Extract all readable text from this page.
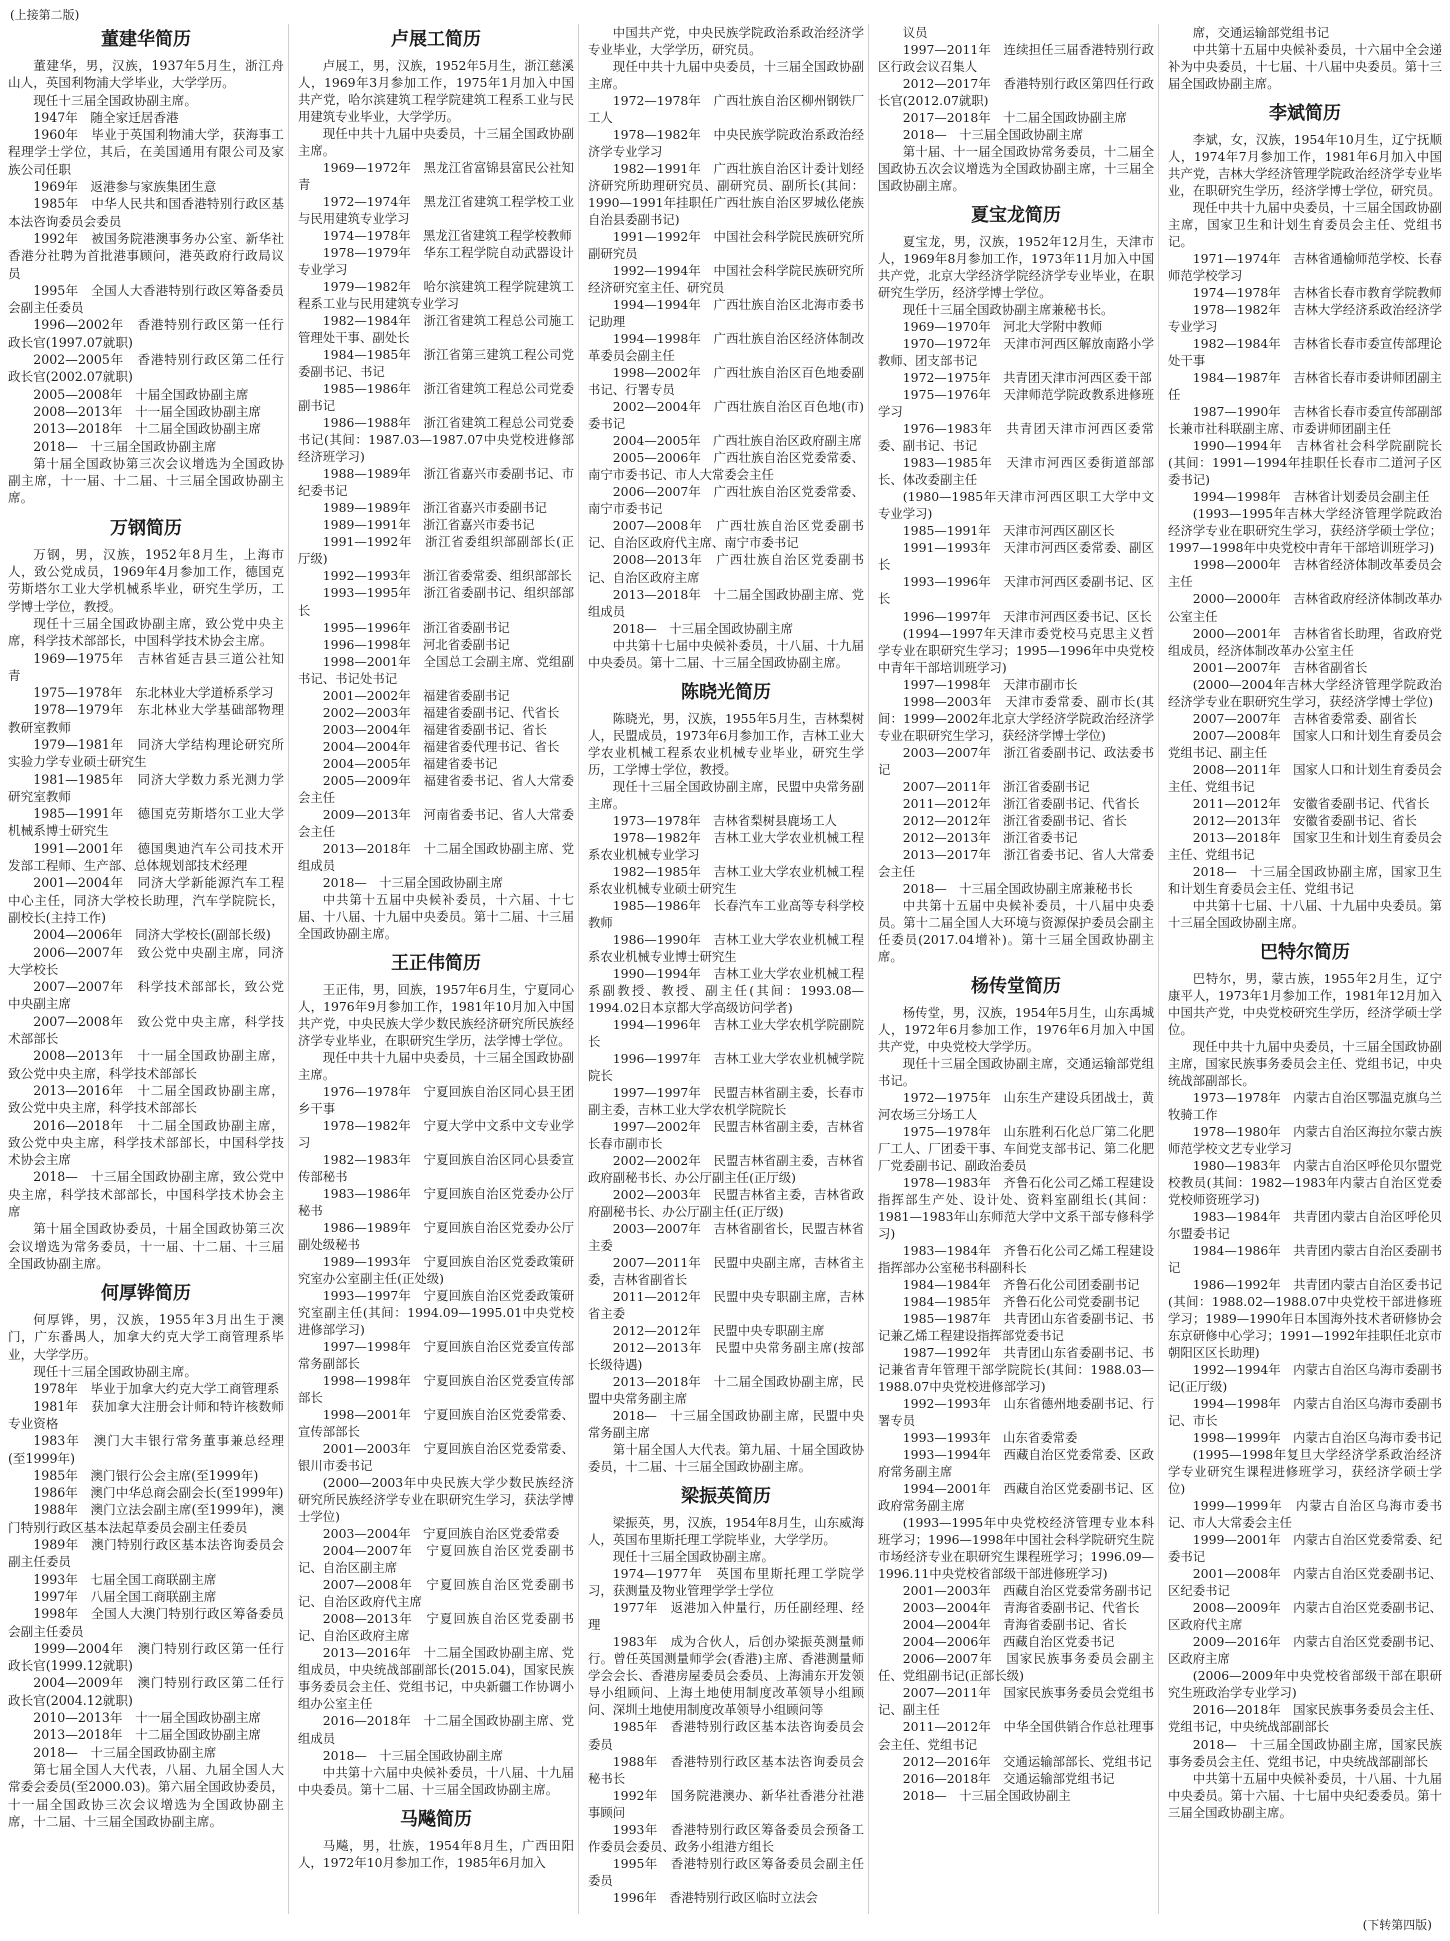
(上接第二版)
董建华简历

董建华，男，汉族，1937年5月生，浙江舟山人，英国利物浦大学毕业，大学学历。

现任十三届全国政协副主席。

1947年　随全家迁居香港

1960年　毕业于英国利物浦大学，获海事工程理学士学位，其后，在美国通用有限公司及家族公司任职

1969年　返港参与家族集团生意

1985年　中华人民共和国香港特别行政区基本法咨询委员会委员

1992年　被国务院港澳事务办公室、新华社香港分社聘为首批港事顾问，港英政府行政局议员

1995年　全国人大香港特别行政区筹备委员会副主任委员

1996—2002年　香港特别行政区第一任行政长官(1997.07就职)

2002—2005年　香港特别行政区第二任行政长官(2002.07就职)

2005—2008年　十届全国政协副主席

2008—2013年　十一届全国政协副主席

2013—2018年　十二届全国政协副主席

2018—　十三届全国政协副主席

第十届全国政协第三次会议增选为全国政协副主席，十一届、十二届、十三届全国政协副主席。

万钢简历

万钢，男，汉族，1952年8月生，上海市人，致公党成员，1969年4月参加工作，德国克劳斯塔尔工业大学机械系毕业，研究生学历，工学博士学位，教授。

现任十三届全国政协副主席，致公党中央主席，科学技术部部长，中国科学技术协会主席。

1969—1975年　吉林省延吉县三道公社知青

1975—1978年　东北林业大学道桥系学习

1978—1979年　东北林业大学基础部物理教研室教师

1979—1981年　同济大学结构理论研究所实验力学专业硕士研究生

1981—1985年　同济大学数力系光测力学研究室教师

1985—1991年　德国克劳斯塔尔工业大学机械系博士研究生

1991—2001年　德国奥迪汽车公司技术开发部工程师、生产部、总体规划部技术经理

2001—2004年　同济大学新能源汽车工程中心主任，同济大学校长助理，汽车学院院长，副校长(主持工作)

2004—2006年　同济大学校长(副部长级)

2006—2007年　致公党中央副主席，同济大学校长

2007—2007年　科学技术部部长，致公党中央副主席

2007—2008年　致公党中央主席，科学技术部部长

2008—2013年　十一届全国政协副主席，致公党中央主席，科学技术部部长

2013—2016年　十二届全国政协副主席，致公党中央主席，科学技术部部长

2016—2018年　十二届全国政协副主席，致公党中央主席，科学技术部部长，中国科学技术协会主席

2018—　十三届全国政协副主席，致公党中央主席，科学技术部部长，中国科学技术协会主席

第十届全国政协委员，十届全国政协第三次会议增选为常务委员，十一届、十二届、十三届全国政协副主席。

何厚铧简历

何厚铧，男，汉族，1955年3月出生于澳门，广东番禺人，加拿大约克大学工商管理系毕业，大学学历。

现任十三届全国政协副主席。

1978年　毕业于加拿大约克大学工商管理系

1981年　获加拿大注册会计师和特许核数师专业资格

1983年　澳门大丰银行常务董事兼总经理(至1999年)

1985年　澳门银行公会主席(至1999年)

1986年　澳门中华总商会副会长(至1999年)

1988年　澳门立法会副主席(至1999年)，澳门特别行政区基本法起草委员会副主任委员

1989年　澳门特别行政区基本法咨询委员会副主任委员

1993年　七届全国工商联副主席

1997年　八届全国工商联副主席

1998年　全国人大澳门特别行政区筹备委员会副主任委员

1999—2004年　澳门特别行政区第一任行政长官(1999.12就职)

2004—2009年　澳门特别行政区第二任行政长官(2004.12就职)

2010—2013年　十一届全国政协副主席

2013—2018年　十二届全国政协副主席

2018—　十三届全国政协副主席

第七届全国人大代表，八届、九届全国人大常委会委员(至2000.03)。第六届全国政协委员，十一届全国政协三次会议增选为全国政协副主席，十二届、十三届全国政协副主席。

卢展工简历

卢展工，男，汉族，1952年5月生，浙江慈溪人，1969年3月参加工作，1975年1月加入中国共产党，哈尔滨建筑工程学院建筑工程系工业与民用建筑专业毕业，大学学历。

现任中共十九届中央委员，十三届全国政协副主席。

1969—1972年　黑龙江省富锦县富民公社知青

1972—1974年　黑龙江省建筑工程学校工业与民用建筑专业学习

1974—1978年　黑龙江省建筑工程学校教师

1978—1979年　华东工程学院自动武器设计专业学习

1979—1982年　哈尔滨建筑工程学院建筑工程系工业与民用建筑专业学习

1982—1984年　浙江省建筑工程总公司施工管理处干事、副处长

1984—1985年　浙江省第三建筑工程公司党委副书记、书记

1985—1986年　浙江省建筑工程总公司党委副书记

1986—1988年　浙江省建筑工程总公司党委书记(其间：1987.03—1987.07中央党校进修部经济班学习)

1988—1989年　浙江省嘉兴市委副书记、市纪委书记

1989—1989年　浙江省嘉兴市委副书记

1989—1991年　浙江省嘉兴市委书记

1991—1992年　浙江省委组织部副部长(正厅级)

1992—1993年　浙江省委常委、组织部部长

1993—1995年　浙江省委副书记、组织部部长

1995—1996年　浙江省委副书记

1996—1998年　河北省委副书记

1998—2001年　全国总工会副主席、党组副书记、书记处书记

2001—2002年　福建省委副书记

2002—2003年　福建省委副书记、代省长

2003—2004年　福建省委副书记、省长

2004—2004年　福建省委代理书记、省长

2004—2005年　福建省委书记

2005—2009年　福建省委书记、省人大常委会主任

2009—2013年　河南省委书记、省人大常委会主任

2013—2018年　十二届全国政协副主席、党组成员

2018—　十三届全国政协副主席

中共第十五届中央候补委员，十六届、十七届、十八届、十九届中央委员。第十二届、十三届全国政协副主席。

王正伟简历

王正伟，男，回族，1957年6月生，宁夏同心人，1976年9月参加工作，1981年10月加入中国共产党，中央民族大学少数民族经济研究所民族经济学专业毕业，在职研究生学历，法学博士学位。

现任中共十九届中央委员，十三届全国政协副主席。

1976—1978年　宁夏回族自治区同心县王团乡干事

1978—1982年　宁夏大学中文系中文专业学习

1982—1983年　宁夏回族自治区同心县委宣传部秘书

1983—1986年　宁夏回族自治区党委办公厅秘书

1986—1989年　宁夏回族自治区党委办公厅副处级秘书

1989—1993年　宁夏回族自治区党委政策研究室办公室副主任(正处级)

1993—1997年　宁夏回族自治区党委政策研究室副主任(其间：1994.09—1995.01中央党校进修部学习)

1997—1998年　宁夏回族自治区党委宣传部常务副部长

1998—1998年　宁夏回族自治区党委宣传部部长

1998—2001年　宁夏回族自治区党委常委、宣传部部长

2001—2003年　宁夏回族自治区党委常委、银川市委书记

(2000—2003年中央民族大学少数民族经济研究所民族经济学专业在职研究生学习，获法学博士学位)

2003—2004年　宁夏回族自治区党委常委

2004—2007年　宁夏回族自治区党委副书记、自治区副主席

2007—2008年　宁夏回族自治区党委副书记、自治区政府代主席

2008—2013年　宁夏回族自治区党委副书记、自治区政府主席

2013—2016年　十二届全国政协副主席、党组成员，中央统战部副部长(2015.04)，国家民族事务委员会主任、党组书记，中央新疆工作协调小组办公室主任

2016—2018年　十二届全国政协副主席、党组成员

2018—　十三届全国政协副主席

中共第十六届中央候补委员，十八届、十九届中央委员。第十二届、十三届全国政协副主席。

马飚简历

马飚，男，壮族，1954年8月生，广西田阳人，1972年10月参加工作，1985年6月加入

中国共产党，中央民族学院政治系政治经济学专业毕业，大学学历，研究员。

现任中共十九届中央委员，十三届全国政协副主席。

1972—1978年　广西壮族自治区柳州钢铁厂工人

1978—1982年　中央民族学院政治系政治经济学专业学习

1982—1991年　广西壮族自治区计委计划经济研究所助理研究员、副研究员、副所长(其间：1990—1991年挂职任广西壮族自治区罗城仫佬族自治县委副书记)

1991—1992年　中国社会科学院民族研究所副研究员

1992—1994年　中国社会科学院民族研究所经济研究室主任、研究员

1994—1994年　广西壮族自治区北海市委书记助理

1994—1998年　广西壮族自治区经济体制改革委员会副主任

1998—2002年　广西壮族自治区百色地委副书记、行署专员

2002—2004年　广西壮族自治区百色地(市)委书记

2004—2005年　广西壮族自治区政府副主席

2005—2006年　广西壮族自治区党委常委、南宁市委书记、市人大常委会主任

2006—2007年　广西壮族自治区党委常委、南宁市委书记

2007—2008年　广西壮族自治区党委副书记、自治区政府代主席、南宁市委书记

2008—2013年　广西壮族自治区党委副书记、自治区政府主席

2013—2018年　十二届全国政协副主席、党组成员

2018—　十三届全国政协副主席

中共第十七届中央候补委员，十八届、十九届中央委员。第十二届、十三届全国政协副主席。

陈晓光简历

陈晓光，男，汉族，1955年5月生，吉林梨树人，民盟成员，1973年6月参加工作，吉林工业大学农业机械工程系农业机械专业毕业，研究生学历，工学博士学位，教授。

现任十三届全国政协副主席，民盟中央常务副主席。

1973—1978年　吉林省梨树县鹿场工人

1978—1982年　吉林工业大学农业机械工程系农业机械专业学习

1982—1985年　吉林工业大学农业机械工程系农业机械专业硕士研究生

1985—1986年　长春汽车工业高等专科学校教师

1986—1990年　吉林工业大学农业机械工程系农业机械专业博士研究生

1990—1994年　吉林工业大学农业机械工程系副教授、教授、副主任(其间：1993.08—1994.02日本京都大学高级访问学者)

1994—1996年　吉林工业大学农机学院副院长

1996—1997年　吉林工业大学农业机械学院院长

1997—1997年　民盟吉林省副主委，长春市副主委，吉林工业大学农机学院院长

1997—2002年　民盟吉林省副主委，吉林省长春市副市长

2002—2002年　民盟吉林省副主委，吉林省政府副秘书长、办公厅副主任(正厅级)

2002—2003年　民盟吉林省主委，吉林省政府副秘书长、办公厅副主任(正厅级)

2003—2007年　吉林省副省长，民盟吉林省主委

2007—2011年　民盟中央副主席，吉林省主委，吉林省副省长

2011—2012年　民盟中央专职副主席，吉林省主委

2012—2012年　民盟中央专职副主席

2012—2013年　民盟中央常务副主席(按部长级待遇)

2013—2018年　十二届全国政协副主席，民盟中央常务副主席

2018—　十三届全国政协副主席，民盟中央常务副主席

第十届全国人大代表。第九届、十届全国政协委员，十二届、十三届全国政协副主席。

梁振英简历

梁振英，男，汉族，1954年8月生，山东威海人，英国布里斯托理工学院毕业，大学学历。

现任十三届全国政协副主席。

1974—1977年　英国布里斯托理工学院学习，获测量及物业管理学学士学位

1977年　返港加入仲量行，历任副经理、经理

1983年　成为合伙人，后创办梁振英测量师行。曾任英国测量师学会(香港)主席、香港测量师学会会长、香港房屋委员会委员、上海浦东开发领导小组顾问、上海土地使用制度改革领导小组顾问、深圳土地使用制度改革领导小组顾问等

1985年　香港特别行政区基本法咨询委员会委员

1988年　香港特别行政区基本法咨询委员会秘书长

1992年　国务院港澳办、新华社香港分社港事顾问

1993年　香港特别行政区筹备委员会预备工作委员会委员、政务小组港方组长

1995年　香港特别行政区筹备委员会副主任委员

1996年　香港特别行政区临时立法会

议员

1997—2011年　连续担任三届香港特别行政区行政会议召集人

2012—2017年　香港特别行政区第四任行政长官(2012.07就职)

2017—2018年　十二届全国政协副主席

2018—　十三届全国政协副主席

第十届、十一届全国政协常务委员，十二届全国政协五次会议增选为全国政协副主席，十三届全国政协副主席。

夏宝龙简历

夏宝龙，男，汉族，1952年12月生，天津市人，1969年8月参加工作，1973年11月加入中国共产党，北京大学经济学院经济学专业毕业，在职研究生学历，经济学博士学位。

现任十三届全国政协副主席兼秘书长。

1969—1970年　河北大学附中教师

1970—1972年　天津市河西区解放南路小学教师、团支部书记

1972—1975年　共青团天津市河西区委干部

1975—1976年　天津师范学院政教系进修班学习

1976—1983年　共青团天津市河西区委常委、副书记、书记

1983—1985年　天津市河西区委街道部部长、体改委副主任

(1980—1985年天津市河西区职工大学中文专业学习)

1985—1991年　天津市河西区副区长

1991—1993年　天津市河西区委常委、副区长

1993—1996年　天津市河西区委副书记、区长

1996—1997年　天津市河西区委书记、区长

(1994—1997年天津市委党校马克思主义哲学专业在职研究生学习；1995—1996年中央党校中青年干部培训班学习)

1997—1998年　天津市副市长

1998—2003年　天津市委常委、副市长(其间：1999—2002年北京大学经济学院政治经济学专业在职研究生学习，获经济学博士学位)

2003—2007年　浙江省委副书记、政法委书记

2007—2011年　浙江省委副书记

2011—2012年　浙江省委副书记、代省长

2012—2012年　浙江省委副书记、省长

2012—2013年　浙江省委书记

2013—2017年　浙江省委书记、省人大常委会主任

2018—　十三届全国政协副主席兼秘书长

中共第十五届中央候补委员，十八届中央委员。第十二届全国人大环境与资源保护委员会副主任委员(2017.04增补)。第十三届全国政协副主席。

杨传堂简历

杨传堂，男，汉族，1954年5月生，山东禹城人，1972年6月参加工作，1976年6月加入中国共产党，中央党校大学学历。

现任十三届全国政协副主席，交通运输部党组书记。

1972—1975年　山东生产建设兵团战士，黄河农场三分场工人

1975—1978年　山东胜利石化总厂第二化肥厂工人、厂团委干事、车间党支部书记、第二化肥厂党委副书记、副政治委员

1978—1983年　齐鲁石化公司乙烯工程建设指挥部生产处、设计处、资料室副组长(其间：1981—1983年山东师范大学中文系干部专修科学习)

1983—1984年　齐鲁石化公司乙烯工程建设指挥部办公室秘书科副科长

1984—1984年　齐鲁石化公司团委副书记

1984—1985年　齐鲁石化公司党委副书记

1985—1987年　共青团山东省委副书记、书记兼乙烯工程建设指挥部党委书记

1987—1992年　共青团山东省委副书记、书记兼省青年管理干部学院院长(其间：1988.03—1988.07中央党校进修部学习)

1992—1993年　山东省德州地委副书记、行署专员

1993—1993年　山东省委常委

1993—1994年　西藏自治区党委常委、区政府常务副主席

1994—2001年　西藏自治区党委副书记、区政府常务副主席

(1993—1995年中央党校经济管理专业本科班学习；1996—1998年中国社会科学院研究生院市场经济专业在职研究生课程班学习；1996.09—1996.11中央党校省部级干部进修班学习)

2001—2003年　西藏自治区党委常务副书记

2003—2004年　青海省委副书记、代省长

2004—2004年　青海省委副书记、省长

2004—2006年　西藏自治区党委书记

2006—2007年　国家民族事务委员会副主任、党组副书记(正部长级)

2007—2011年　国家民族事务委员会党组书记、副主任

2011—2012年　中华全国供销合作总社理事会主任、党组书记

2012—2016年　交通运输部部长、党组书记

2016—2018年　交通运输部党组书记

2018—　十三届全国政协副主

席，交通运输部党组书记

中共第十五届中央候补委员，十六届中全会递补为中央委员，十七届、十八届中央委员。第十三届全国政协副主席。

李斌简历

李斌，女，汉族，1954年10月生，辽宁抚顺人，1974年7月参加工作，1981年6月加入中国共产党，吉林大学经济管理学院政治经济学专业毕业，在职研究生学历，经济学博士学位，研究员。

现任中共十九届中央委员，十三届全国政协副主席，国家卫生和计划生育委员会主任、党组书记。

1971—1974年　吉林省通榆师范学校、长春师范学校学习

1974—1978年　吉林省长春市教育学院教师

1978—1982年　吉林大学经济系政治经济学专业学习

1982—1984年　吉林省长春市委宣传部理论处干事

1984—1987年　吉林省长春市委讲师团副主任

1987—1990年　吉林省长春市委宣传部副部长兼市社科联副主席、市委讲师团副主任

1990—1994年　吉林省社会科学院副院长(其间：1991—1994年挂职任长春市二道河子区委书记)

1994—1998年　吉林省计划委员会副主任

(1993—1995年吉林大学经济管理学院政治经济学专业在职研究生学习，获经济学硕士学位；1997—1998年中央党校中青年干部培训班学习)

1998—2000年　吉林省经济体制改革委员会主任

2000—2000年　吉林省政府经济体制改革办公室主任

2000—2001年　吉林省省长助理，省政府党组成员，经济体制改革办公室主任

2001—2007年　吉林省副省长

(2000—2004年吉林大学经济管理学院政治经济学专业在职研究生学习，获经济学博士学位)

2007—2007年　吉林省委常委、副省长

2007—2008年　国家人口和计划生育委员会党组书记、副主任

2008—2011年　国家人口和计划生育委员会主任、党组书记

2011—2012年　安徽省委副书记、代省长

2012—2013年　安徽省委副书记、省长

2013—2018年　国家卫生和计划生育委员会主任、党组书记

2018—　十三届全国政协副主席，国家卫生和计划生育委员会主任、党组书记

中共第十七届、十八届、十九届中央委员。第十三届全国政协副主席。

巴特尔简历

巴特尔，男，蒙古族，1955年2月生，辽宁康平人，1973年1月参加工作，1981年12月加入中国共产党，中央党校研究生学历，经济学硕士学位。

现任中共十九届中央委员，十三届全国政协副主席，国家民族事务委员会主任、党组书记，中央统战部副部长。

1973—1978年　内蒙古自治区鄂温克旗乌兰牧骑工作

1978—1980年　内蒙古自治区海拉尔蒙古族师范学校文艺专业学习

1980—1983年　内蒙古自治区呼伦贝尔盟党校教员(其间：1982—1983年内蒙古自治区党委党校师资班学习)

1983—1984年　共青团内蒙古自治区呼伦贝尔盟委书记

1984—1986年　共青团内蒙古自治区委副书记

1986—1992年　共青团内蒙古自治区委书记(其间：1988.02—1988.07中央党校干部进修班学习；1989—1990年日本国海外技术者研修协会东京研修中心学习；1991—1992年挂职任北京市朝阳区区长助理)

1992—1994年　内蒙古自治区乌海市委副书记(正厅级)

1994—1998年　内蒙古自治区乌海市委副书记、市长

1998—1999年　内蒙古自治区乌海市委书记

(1995—1998年复旦大学经济学系政治经济学专业研究生课程进修班学习，获经济学硕士学位)

1999—1999年　内蒙古自治区乌海市委书记、市人大常委会主任

1999—2001年　内蒙古自治区党委常委、纪委书记

2001—2008年　内蒙古自治区党委副书记、区纪委书记

2008—2009年　内蒙古自治区党委副书记、区政府代主席

2009—2016年　内蒙古自治区党委副书记、区政府主席

(2006—2009年中央党校省部级干部在职研究生班政治学专业学习)

2016—2018年　国家民族事务委员会主任、党组书记，中央统战部副部长

2018—　十三届全国政协副主席，国家民族事务委员会主任、党组书记，中央统战部副部长

中共第十五届中央候补委员，十八届、十九届中央委员。第十六届、十七届中央纪委委员。第十三届全国政协副主席。

(下转第四版)
